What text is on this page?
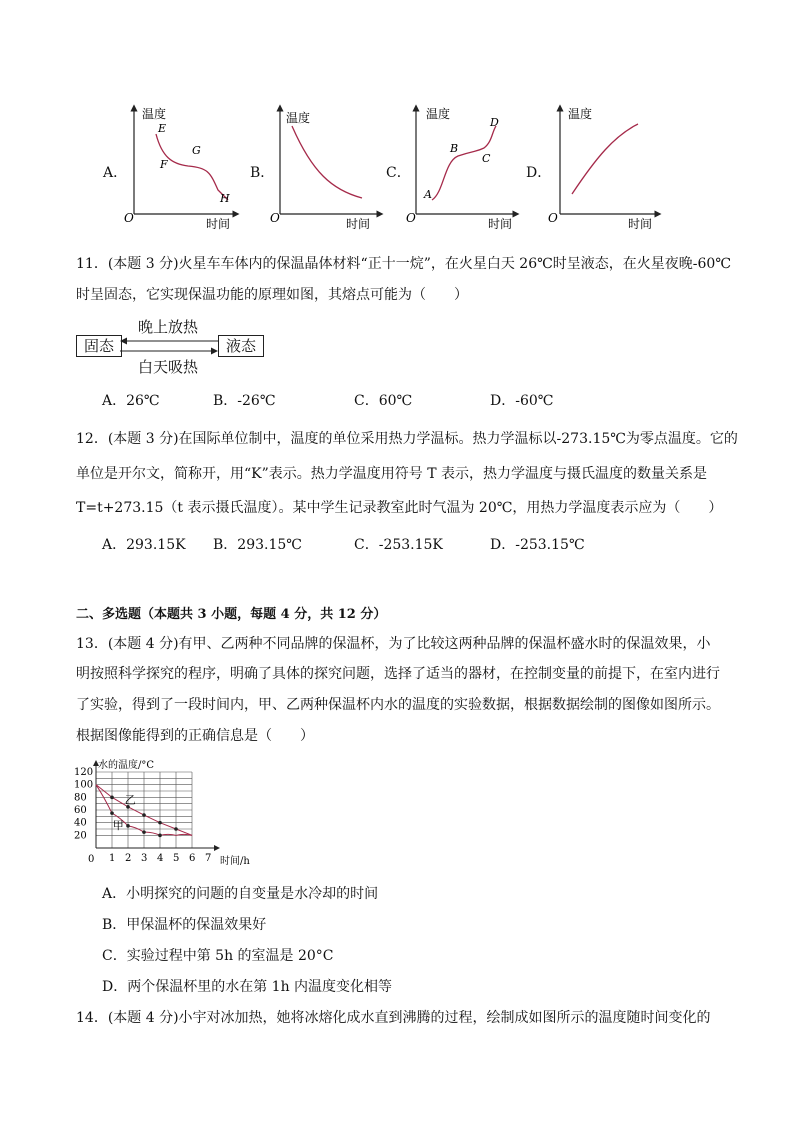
A．
温度
时间
O
E
F
G
H
B．
温度
时间
O
C．
温度
时间
O
A
B
C
D
D．
温度
时间
O
11．(本题 3 分)火星车车体内的保温晶体材料“正十一烷”，在火星白天 26℃时呈液态，在火星夜晚-60℃
时呈固态，它实现保温功能的原理如图，其熔点可能为（　　）
固态	液态
晚上放热
白天吸热
A．26℃	B．-26℃	C．60℃	D．-60℃
12．(本题 3 分)在国际单位制中，温度的单位采用热力学温标。热力学温标以-273.15℃为零点温度。它的
单位是开尔文，简称开，用“K”表示。热力学温度用符号 T 表示，热力学温度与摄氏温度的数量关系是
T=t+273.15（t 表示摄氏温度）。某中学生记录教室此时气温为 20℃，用热力学温度表示应为（　　）
A．293.15K B．293.15℃	C．-253.15K	D．-253.15℃
二、多选题（本题共 3 小题，每题 4 分，共 12 分）
13．(本题 4 分)有甲、乙两种不同品牌的保温杯，为了比较这两种品牌的保温杯盛水时的保温效果，小
明按照科学探究的程序，明确了具体的探究问题，选择了适当的器材，在控制变量的前提下，在室内进行
了实验，得到了一段时间内，甲、乙两种保温杯内水的温度的实验数据，根据数据绘制的图像如图所示。
根据图像能得到的正确信息是（　　）
乙
甲
20
40
60
80
100
120
1 2 3 4 5 6 7
水的温度/°C
时间/h
0
A．小明探究的问题的自变量是水冷却的时间
B．甲保温杯的保温效果好
C．实验过程中第 5h 的室温是 20°C
D．两个保温杯里的水在第 1h 内温度变化相等
14．(本题 4 分)小宇对冰加热，她将冰熔化成水直到沸腾的过程，绘制成如图所示的温度随时间变化的
